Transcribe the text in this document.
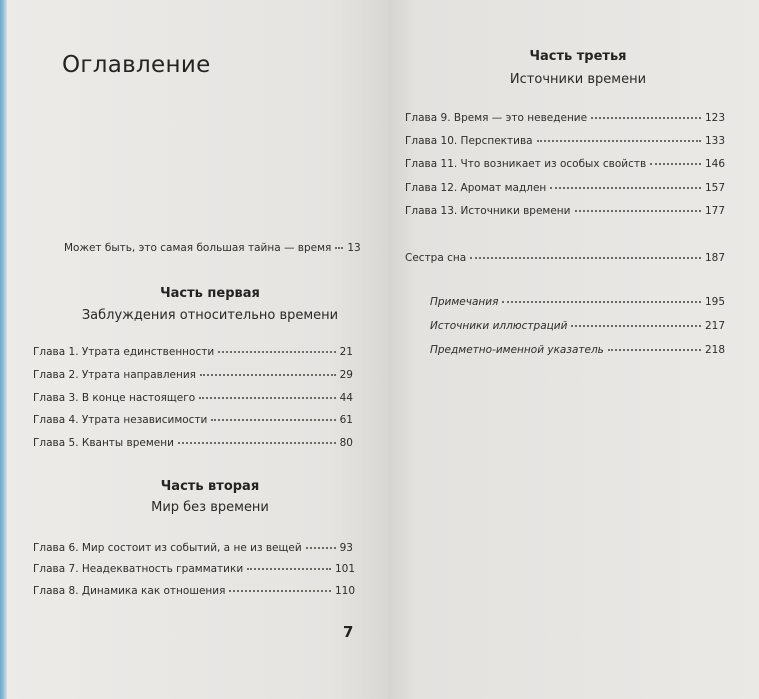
Оглавление
Может быть, это самая большая тайна — время 13
Часть первая
Заблуждения относительно времени
Глава 1. Утрата единственности	21
Глава 2. Утрата направления	29
Глава 3. В конце настоящего	44
Глава 4. Утрата независимости	61
Глава 5. Кванты времени	80
Часть вторая
Мир без времени
Глава 6. Мир состоит из событий, а не из вещей	93
Глава 7. Неадекватность грамматики	101
Глава 8. Динамика как отношения	110
7
Часть третья
Источники времени
Глава 9. Время — это неведение	123
Глава 10. Перспектива	133
Глава 11. Что возникает из особых свойств	146
Глава 12. Аромат мадлен	157
Глава 13. Источники времени	177
Сестра сна	187
Примечания	195
Источники иллюстраций	217
Предметно-именной указатель	218
